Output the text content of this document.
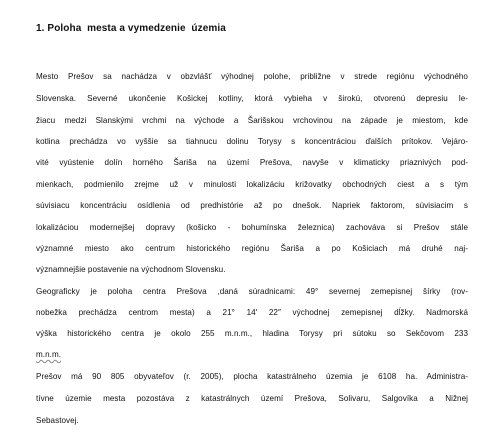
1. Poloha  mesta a vymedzenie  územia
Mesto Prešov sa nachádza v obzvlášť výhodnej polohe, približne v strede regiónu východného
Slovenska. Severné ukončenie Košickej kotliny, ktorá vybieha v širokú, otvorenú depresiu le-
žiacu medzi Slanskými vrchmi na východe a Šarišskou vrchovinou na západe je miestom, kde
kotlina prechádza vo vyššie sa tiahnucu dolinu Torysy s koncentráciou ďalších prítokov. Vejáro-
vité vyústenie dolín horného Šariša na území Prešova, navyše v klimaticky priaznivých pod-
mienkach, podmienilo zrejme už v minulosti lokalizáciu križovatky obchodných ciest a s tým
súvisiacu koncentráciu osídlenia od predhistórie až po dnešok. Napriek faktorom, súvisiacim s
lokalizáciou modernejšej dopravy (košicko - bohumínska železnica) zachováva si Prešov stále
významné miesto ako centrum historického regiónu Šariša a po Košiciach má druhé naj-
významnejšie postavenie na východnom Slovensku.
Geograficky je poloha centra Prešova ,daná súradnicami: 49° severnej zemepisnej šírky (rov-
nobežka prechádza centrom mesta) a 21° 14′ 22″ východnej zemepisnej dĺžky. Nadmorská
výška historického centra je okolo 255 m.n.m., hladina Torysy pri sútoku so Sekčovom 233
m.n.m.
Prešov má 90 805 obyvateľov (r. 2005), plocha katastrálneho územia je 6108 ha. Administra-
tívne územie mesta pozostáva z katastrálnych území Prešova, Solivaru, Salgovíka a Nižnej
Sebastovej.
